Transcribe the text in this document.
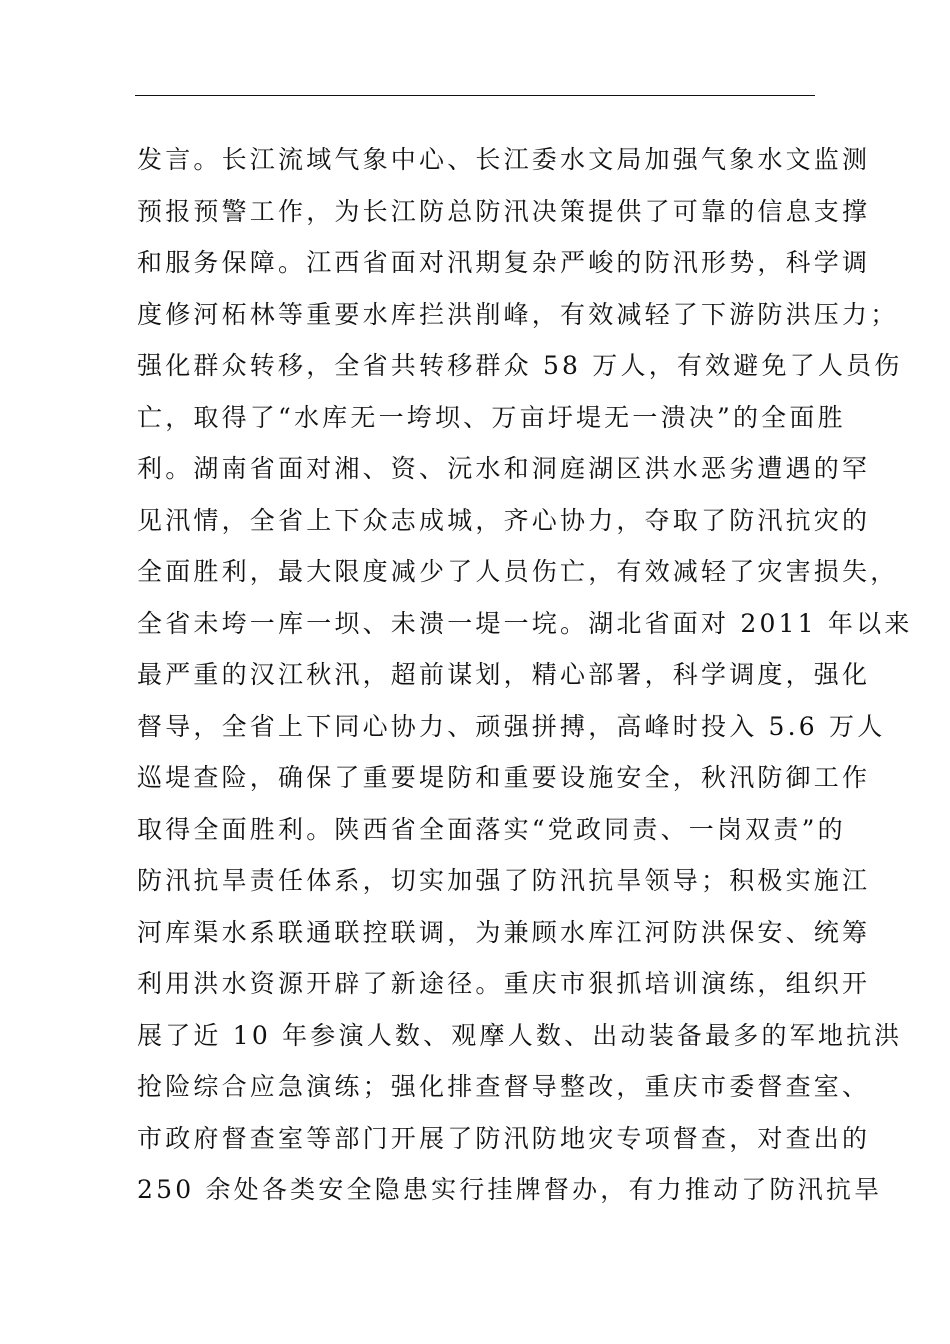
发言。长江流域气象中心、长江委水文局加强气象水文监测
预报预警工作，为长江防总防汛决策提供了可靠的信息支撑
和服务保障。江西省面对汛期复杂严峻的防汛形势，科学调
度修河柘林等重要水库拦洪削峰，有效减轻了下游防洪压力；
强化群众转移，全省共转移群众 58 万人，有效避免了人员伤
亡，取得了“水库无一垮坝、万亩圩堤无一溃决”的全面胜
利。湖南省面对湘、资、沅水和洞庭湖区洪水恶劣遭遇的罕
见汛情，全省上下众志成城，齐心协力，夺取了防汛抗灾的
全面胜利，最大限度减少了人员伤亡，有效减轻了灾害损失，
全省未垮一库一坝、未溃一堤一垸。湖北省面对 2011 年以来
最严重的汉江秋汛，超前谋划，精心部署，科学调度，强化
督导，全省上下同心协力、顽强拼搏，高峰时投入 5.6 万人
巡堤查险，确保了重要堤防和重要设施安全，秋汛防御工作
取得全面胜利。陕西省全面落实“党政同责、一岗双责”的
防汛抗旱责任体系，切实加强了防汛抗旱领导；积极实施江
河库渠水系联通联控联调，为兼顾水库江河防洪保安、统筹
利用洪水资源开辟了新途径。重庆市狠抓培训演练，组织开
展了近 10 年参演人数、观摩人数、出动装备最多的军地抗洪
抢险综合应急演练；强化排查督导整改，重庆市委督查室、
市政府督查室等部门开展了防汛防地灾专项督查，对查出的
250 余处各类安全隐患实行挂牌督办，有力推动了防汛抗旱
